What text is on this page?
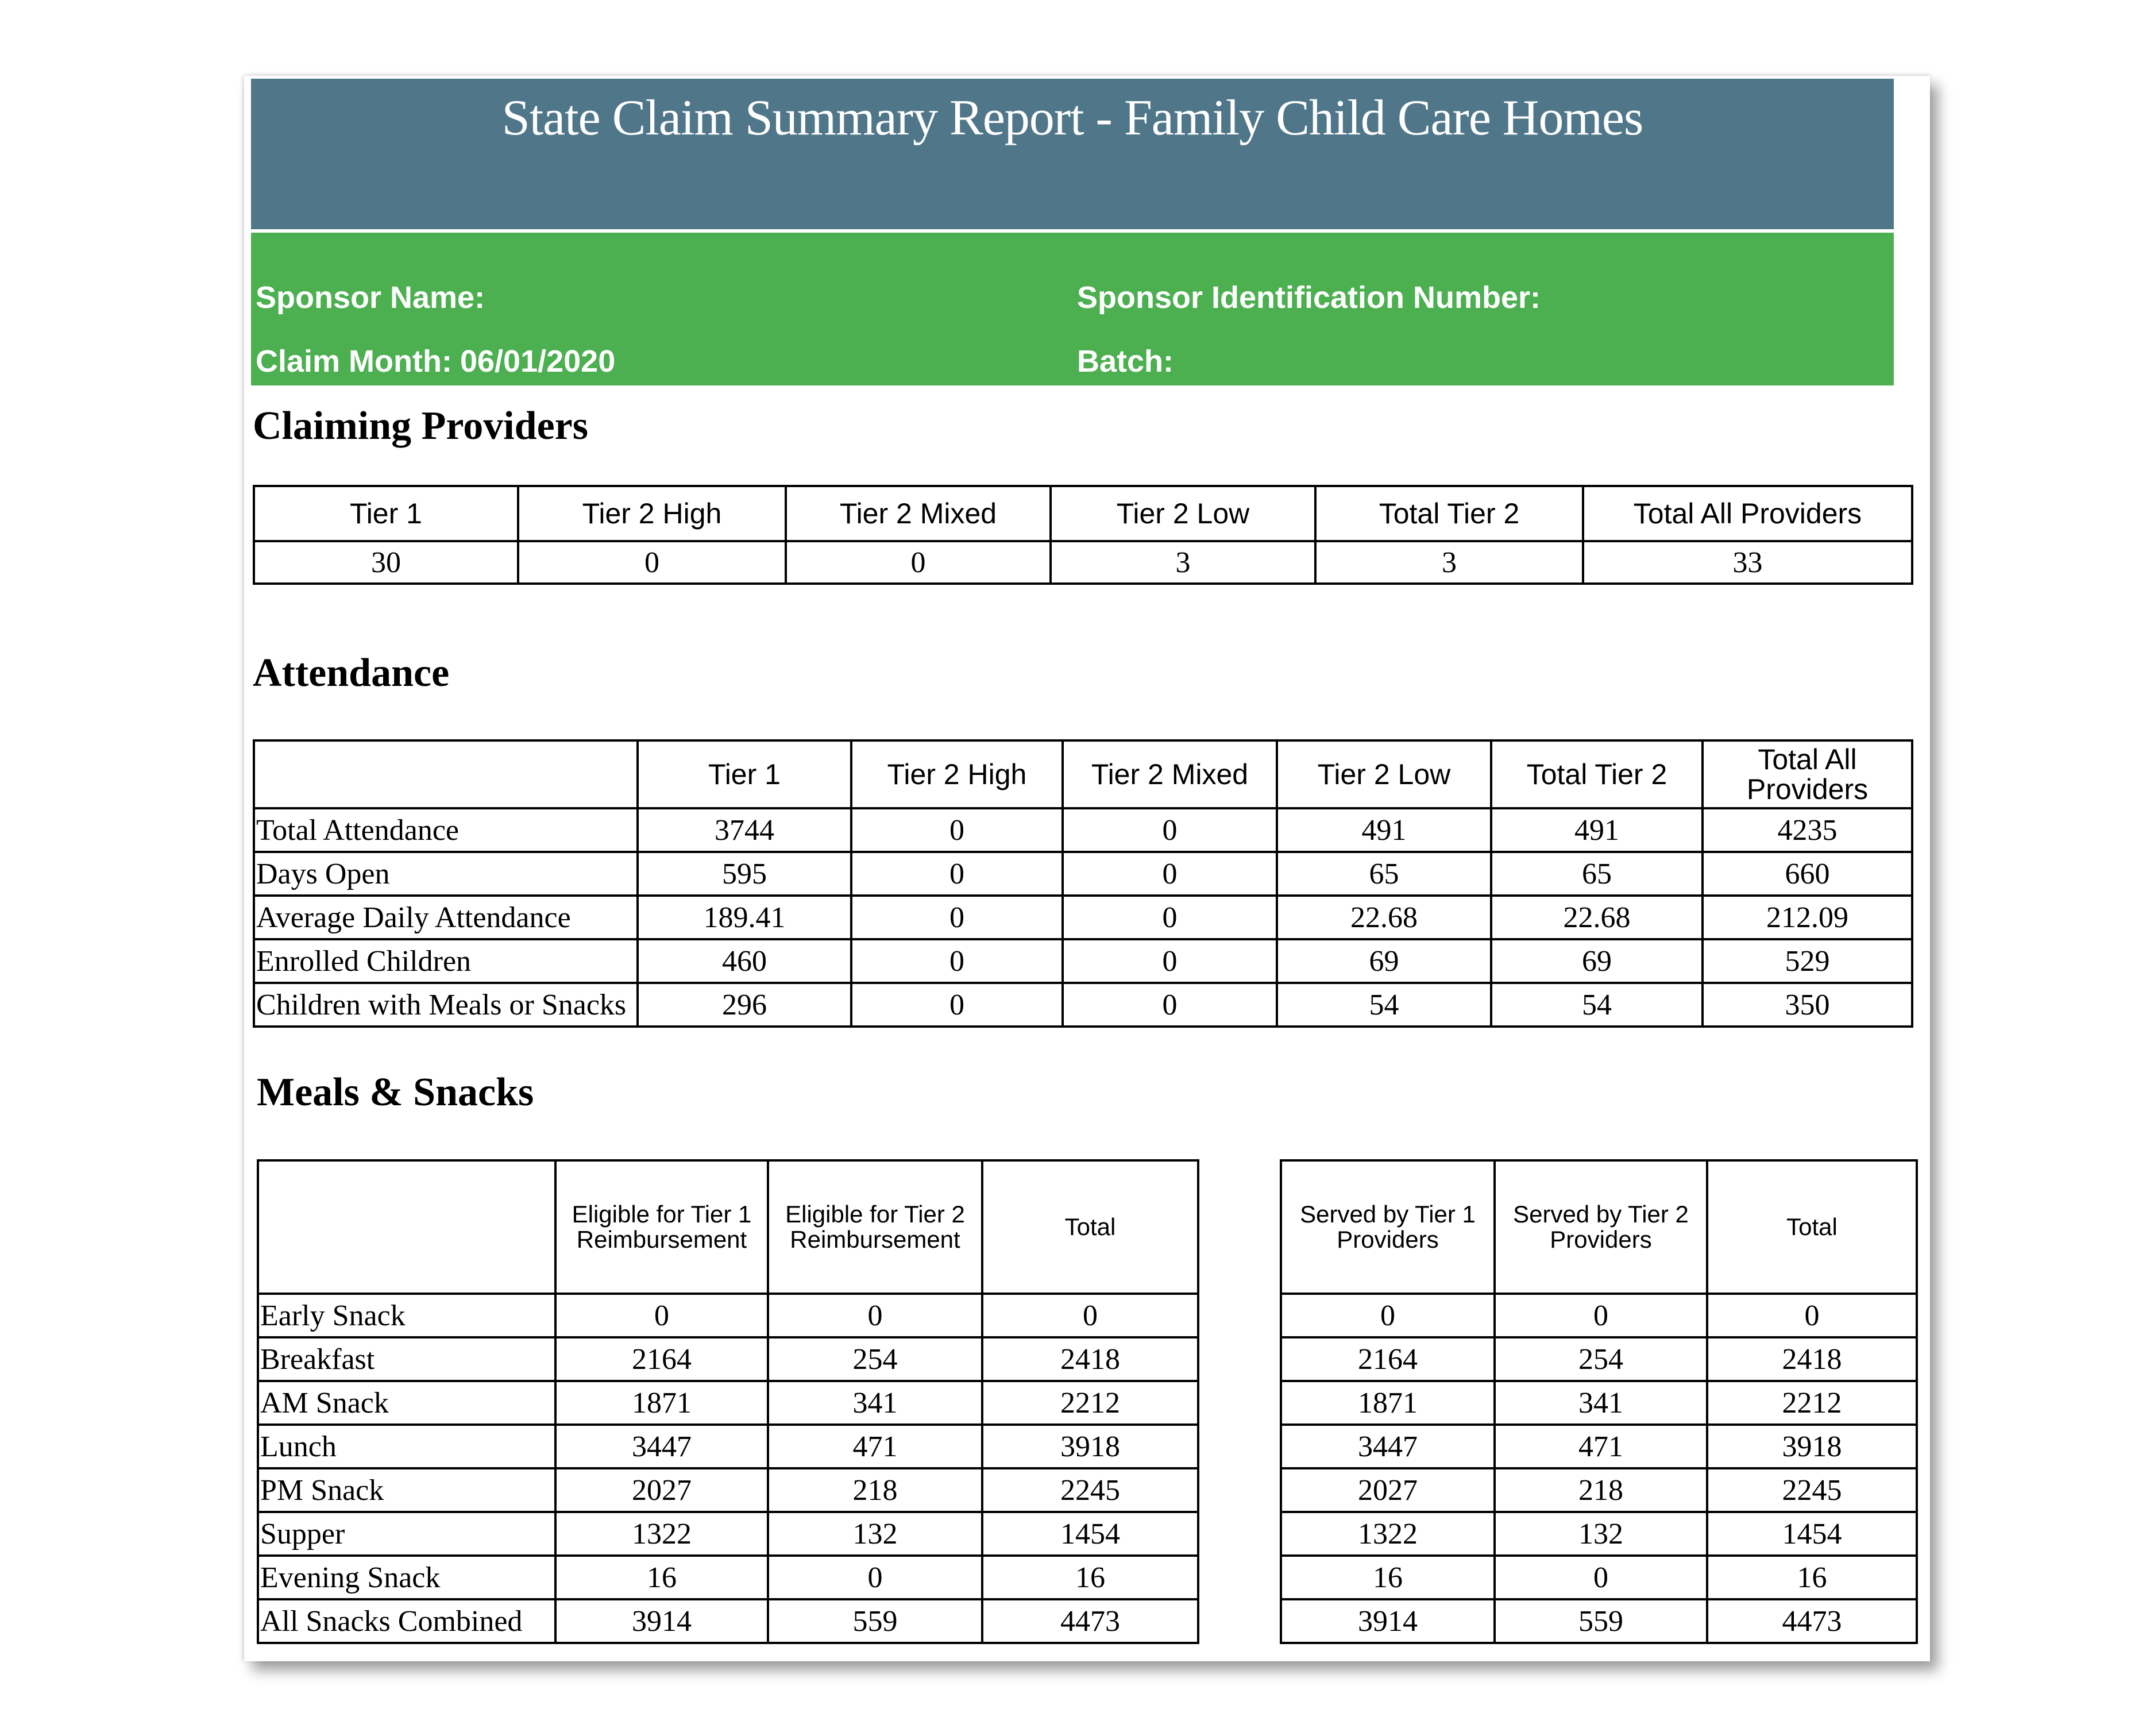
State Claim Summary Report - Family Child Care Homes
Sponsor Name:	Sponsor Identification Number:
Claim Month: 06/01/2020	Batch:
Claiming Providers
Tier 1	Tier 2 High	Tier 2 Mixed	Tier 2 Low	Total Tier 2	Total All Providers
30	0	0	3	3	33
Attendance
	Tier 1	Tier 2 High	Tier 2 Mixed	Tier 2 Low	Total Tier 2	Total All Providers
Total Attendance	3744	0	0	491	491	4235
Days Open	595	0	0	65	65	660
Average Daily Attendance	189.41	0	0	22.68	22.68	212.09
Enrolled Children	460	0	0	69	69	529
Children with Meals or Snacks	296	0	0	54	54	350
Meals & Snacks
	Eligible for Tier 1 Reimbursement	Eligible for Tier 2 Reimbursement	Total
Early Snack	0	0	0
Breakfast	2164	254	2418
AM Snack	1871	341	2212
Lunch	3447	471	3918
PM Snack	2027	218	2245
Supper	1322	132	1454
Evening Snack	16	0	16
All Snacks Combined	3914	559	4473
Served by Tier 1 Providers	Served by Tier 2 Providers	Total
0	0	0
2164	254	2418
1871	341	2212
3447	471	3918
2027	218	2245
1322	132	1454
16	0	16
3914	559	4473
